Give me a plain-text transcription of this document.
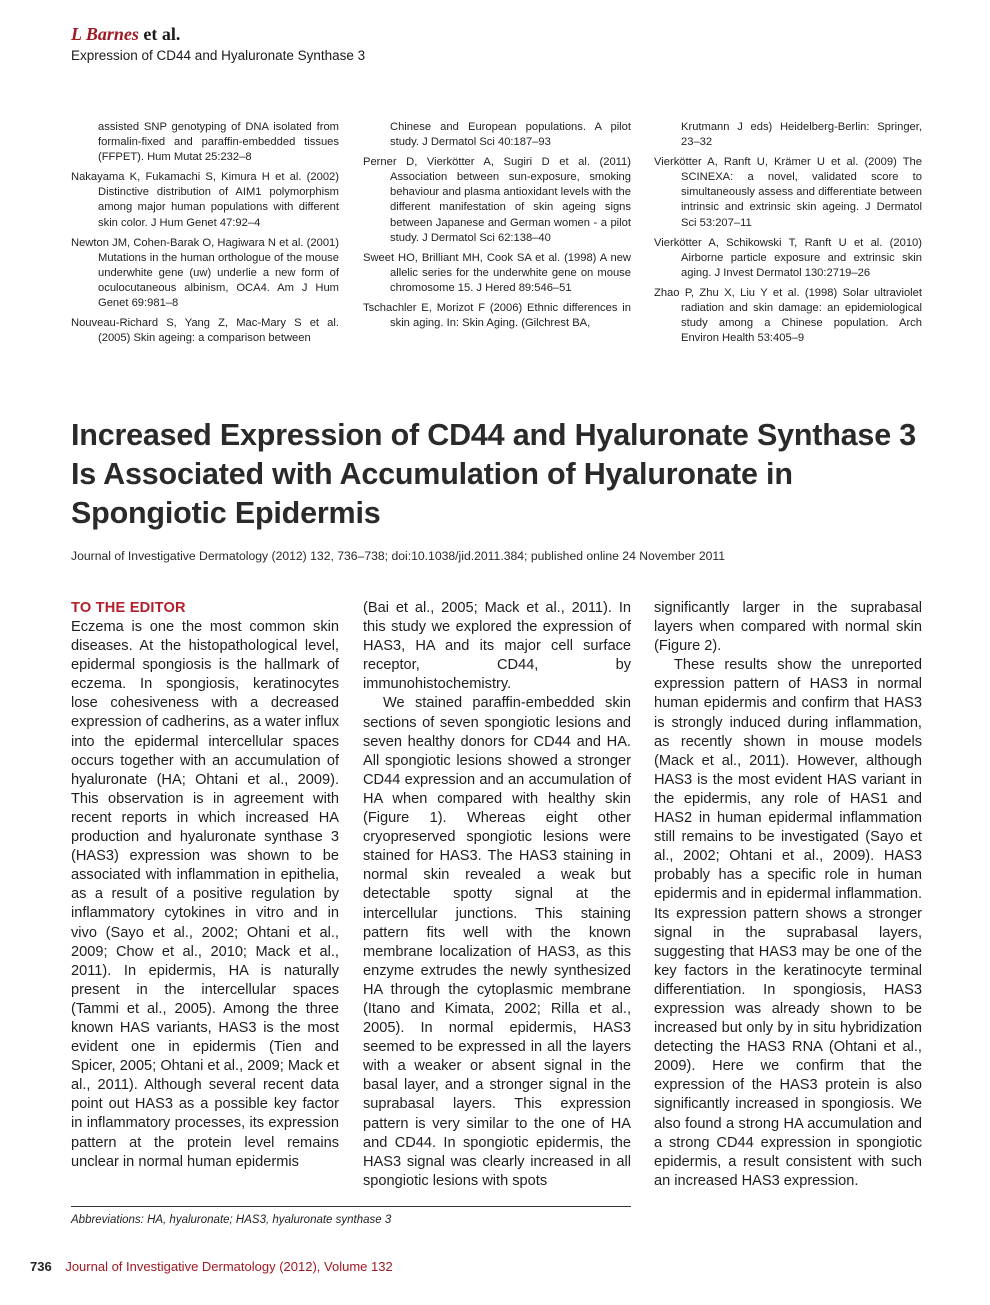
L Barnes et al.
Expression of CD44 and Hyaluronate Synthase 3

assisted SNP genotyping of DNA isolated from formalin-fixed and paraffin-embedded tissues (FFPET). Hum Mutat 25:232–8

Nakayama K, Fukamachi S, Kimura H et al. (2002) Distinctive distribution of AIM1 polymorphism among major human populations with different skin color. J Hum Genet 47:92–4

Newton JM, Cohen-Barak O, Hagiwara N et al. (2001) Mutations in the human orthologue of the mouse underwhite gene (uw) underlie a new form of oculocutaneous albinism, OCA4. Am J Hum Genet 69:981–8

Nouveau-Richard S, Yang Z, Mac-Mary S et al. (2005) Skin ageing: a comparison between

Chinese and European populations. A pilot study. J Dermatol Sci 40:187–93

Perner D, Vierkötter A, Sugiri D et al. (2011) Association between sun-exposure, smoking behaviour and plasma antioxidant levels with the different manifestation of skin ageing signs between Japanese and German women - a pilot study. J Dermatol Sci 62:138–40

Sweet HO, Brilliant MH, Cook SA et al. (1998) A new allelic series for the underwhite gene on mouse chromosome 15. J Hered 89:546–51

Tschachler E, Morizot F (2006) Ethnic differences in skin aging. In: Skin Aging. (Gilchrest BA,

Krutmann J eds) Heidelberg-Berlin: Springer, 23–32

Vierkötter A, Ranft U, Krämer U et al. (2009) The SCINEXA: a novel, validated score to simultaneously assess and differentiate between intrinsic and extrinsic skin ageing. J Dermatol Sci 53:207–11

Vierkötter A, Schikowski T, Ranft U et al. (2010) Airborne particle exposure and extrinsic skin aging. J Invest Dermatol 130:2719–26

Zhao P, Zhu X, Liu Y et al. (1998) Solar ultraviolet radiation and skin damage: an epidemiological study among a Chinese population. Arch Environ Health 53:405–9

Increased Expression of CD44 and Hyaluronate Synthase 3 Is Associated with Accumulation of Hyaluronate in Spongiotic Epidermis
Journal of Investigative Dermatology (2012) 132, 736–738; doi:10.1038/jid.2011.384; published online 24 November 2011
TO THE EDITOR

Eczema is one the most common skin diseases. At the histopathological level, epidermal spongiosis is the hallmark of eczema. In spongiosis, keratinocytes lose cohesiveness with a decreased expression of cadherins, as a water influx into the epidermal intercellular spaces occurs together with an accumulation of hyaluronate (HA; Ohtani et al., 2009). This observation is in agreement with recent reports in which increased HA production and hyaluronate synthase 3 (HAS3) expression was shown to be associated with inflammation in epithelia, as a result of a positive regulation by inflammatory cytokines in vitro and in vivo (Sayo et al., 2002; Ohtani et al., 2009; Chow et al., 2010; Mack et al., 2011). In epidermis, HA is naturally present in the intercellular spaces (Tammi et al., 2005). Among the three known HAS variants, HAS3 is the most evident one in epidermis (Tien and Spicer, 2005; Ohtani et al., 2009; Mack et al., 2011). Although several recent data point out HAS3 as a possible key factor in inflammatory processes, its expression pattern at the protein level remains unclear in normal human epidermis

(Bai et al., 2005; Mack et al., 2011). In this study we explored the expression of HAS3, HA and its major cell surface receptor, CD44, by immunohistochemistry.

We stained paraffin-embedded skin sections of seven spongiotic lesions and seven healthy donors for CD44 and HA. All spongiotic lesions showed a stronger CD44 expression and an accumulation of HA when compared with healthy skin (Figure 1). Whereas eight other cryopreserved spongiotic lesions were stained for HAS3. The HAS3 staining in normal skin revealed a weak but detectable spotty signal at the intercellular junctions. This staining pattern fits well with the known membrane localization of HAS3, as this enzyme extrudes the newly synthesized HA through the cytoplasmic membrane (Itano and Kimata, 2002; Rilla et al., 2005). In normal epidermis, HAS3 seemed to be expressed in all the layers with a weaker or absent signal in the basal layer, and a stronger signal in the suprabasal layers. This expression pattern is very similar to the one of HA and CD44. In spongiotic epidermis, the HAS3 signal was clearly increased in all spongiotic lesions with spots

significantly larger in the suprabasal layers when compared with normal skin (Figure 2).

These results show the unreported expression pattern of HAS3 in normal human epidermis and confirm that HAS3 is strongly induced during inflammation, as recently shown in mouse models (Mack et al., 2011). However, although HAS3 is the most evident HAS variant in the epidermis, any role of HAS1 and HAS2 in human epidermal inflammation still remains to be investigated (Sayo et al., 2002; Ohtani et al., 2009). HAS3 probably has a specific role in human epidermis and in epidermal inflammation. Its expression pattern shows a stronger signal in the suprabasal layers, suggesting that HAS3 may be one of the key factors in the keratinocyte terminal differentiation. In spongiosis, HAS3 expression was already shown to be increased but only by in situ hybridization detecting the HAS3 RNA (Ohtani et al., 2009). Here we confirm that the expression of the HAS3 protein is also significantly increased in spongiosis. We also found a strong HA accumulation and a strong CD44 expression in spongiotic epidermis, a result consistent with such an increased HAS3 expression.

Abbreviations: HA, hyaluronate; HAS3, hyaluronate synthase 3
736 Journal of Investigative Dermatology (2012), Volume 132
